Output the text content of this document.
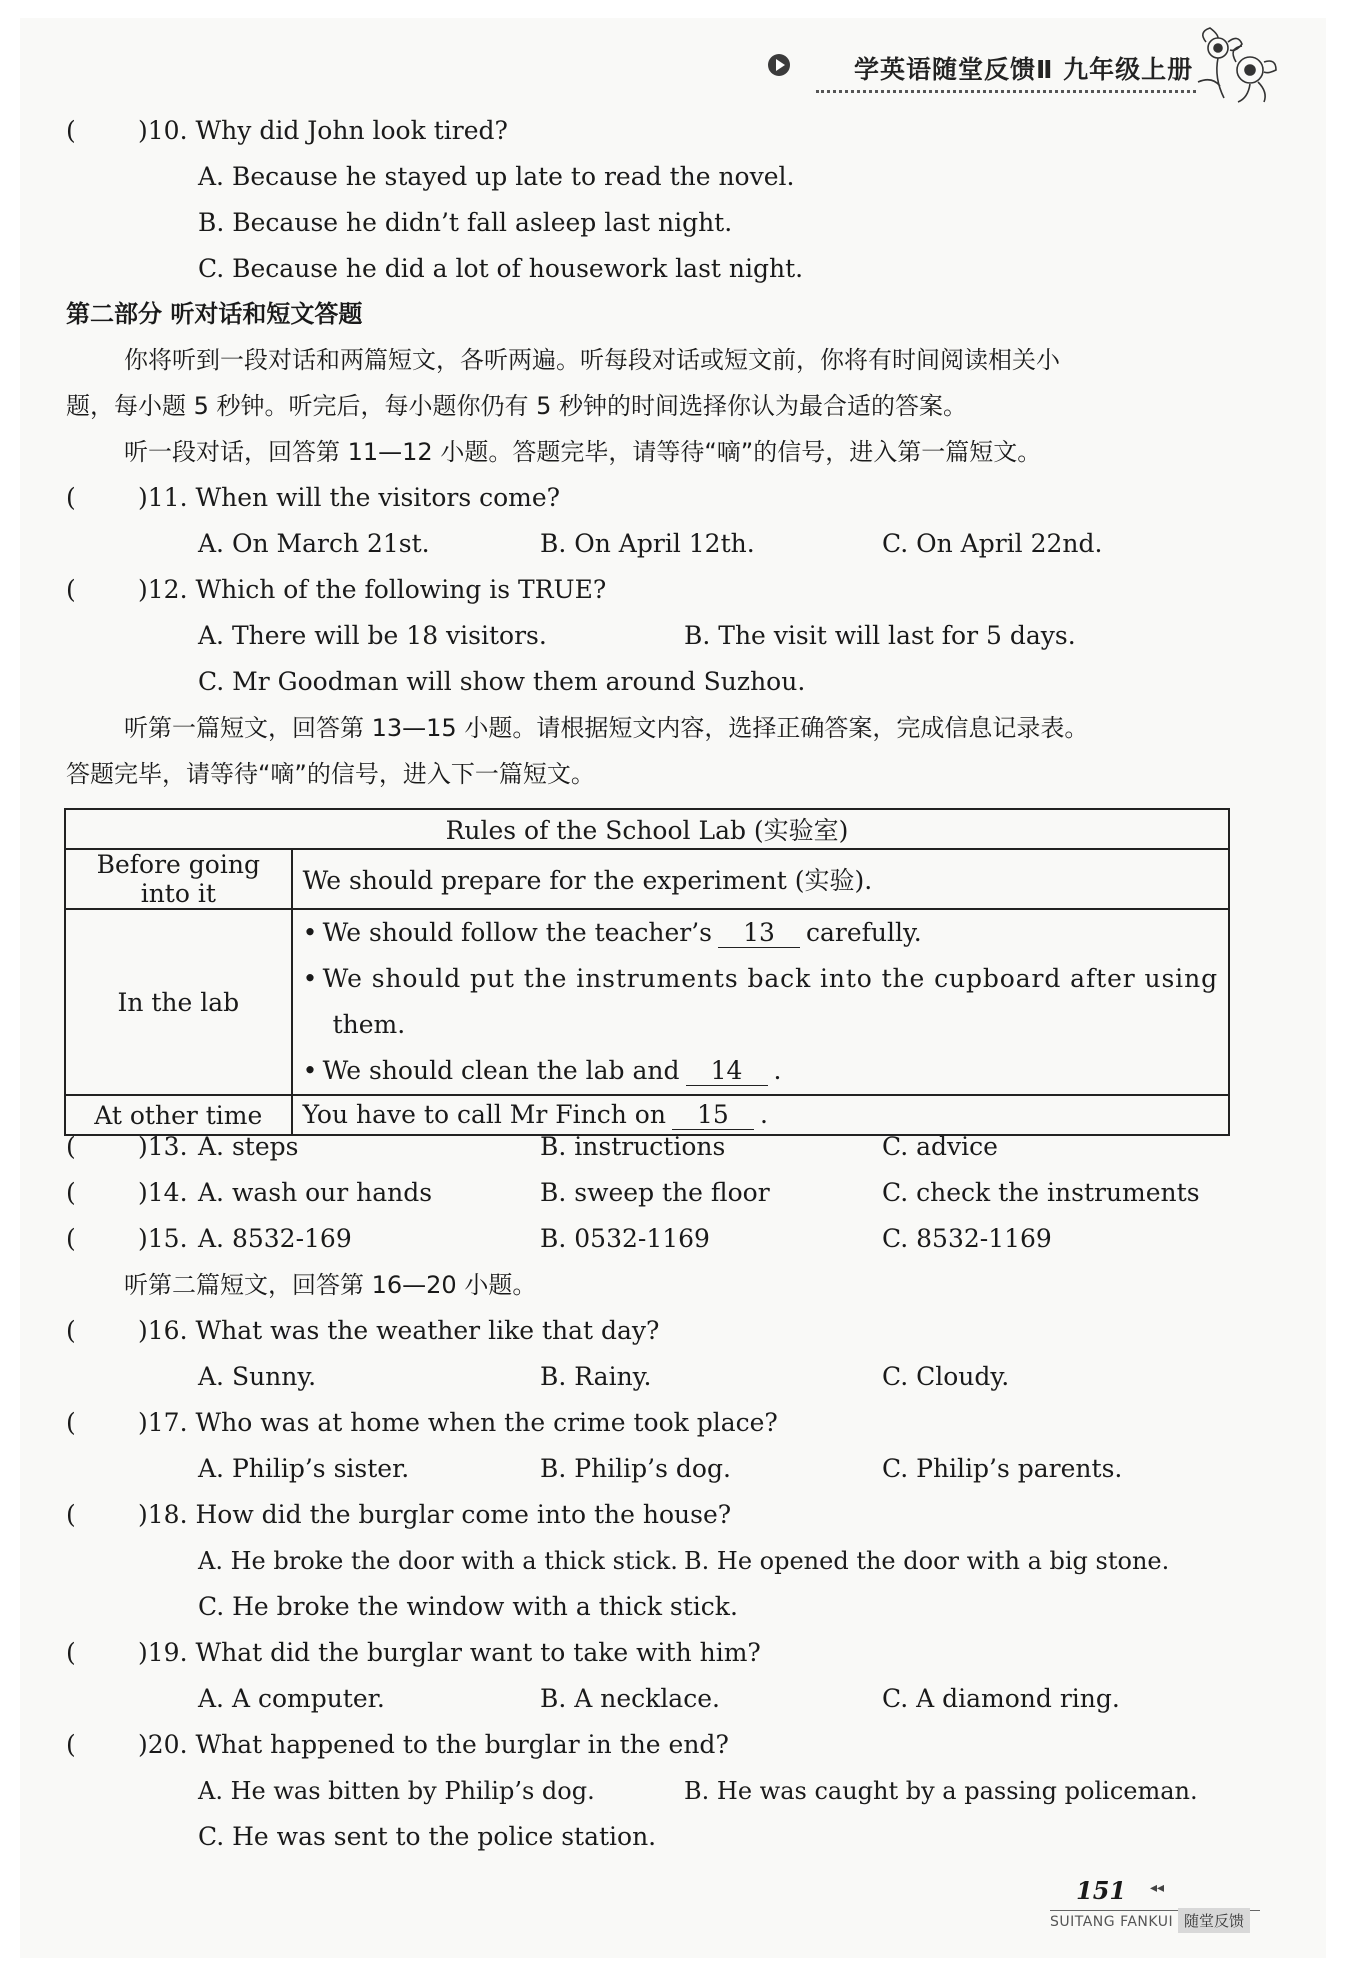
学英语随堂反馈Ⅱ 九年级上册
( )10. Why did John look tired?
A. Because he stayed up late to read the novel.
B. Because he didn’t fall asleep last night.
C. Because he did a lot of housework last night.
第二部分 听对话和短文答题
你将听到一段对话和两篇短文，各听两遍。听每段对话或短文前，你将有时间阅读相关小
题，每小题 5 秒钟。听完后，每小题你仍有 5 秒钟的时间选择你认为最合适的答案。
听一段对话，回答第 11—12 小题。答题完毕，请等待“嘀”的信号，进入第一篇短文。
( )11. When will the visitors come?
A. On March 21st.	B. On April 12th.	C. On April 22nd.
( )12. Which of the following is TRUE?
A. There will be 18 visitors.	B. The visit will last for 5 days.
C. Mr Goodman will show them around Suzhou.
听第一篇短文，回答第 13—15 小题。请根据短文内容，选择正确答案，完成信息记录表。
答题完毕，请等待“嘀”的信号，进入下一篇短文。
Rules of the School Lab (实验室)	
Before going into it	We should prepare for the experiment (实验).
In the lab	• We should follow the teacher’s 13 carefully.
• We should put the instruments back into the cupboard after using
them.
• We should clean the lab and 14 .

At other time	You have to call Mr Finch on 15 .
( )13. A. steps	B. instructions	C. advice
( )14. A. wash our hands	B. sweep the floor	C. check the instruments
( )15. A. 8532-169	B. 0532-1169	C. 8532-1169
听第二篇短文，回答第 16—20 小题。
( )16. What was the weather like that day?
A. Sunny.	B. Rainy.	C. Cloudy.
( )17. Who was at home when the crime took place?
A. Philip’s sister.	B. Philip’s dog.	C. Philip’s parents.
( )18. How did the burglar come into the house?
A. He broke the door with a thick stick. B. He opened the door with a big stone.
C. He broke the window with a thick stick.
( )19. What did the burglar want to take with him?
A. A computer.	B. A necklace.	C. A diamond ring.
( )20. What happened to the burglar in the end?
A. He was bitten by Philip’s dog.	B. He was caught by a passing policeman.
C. He was sent to the police station.
151 ◂◂
SUITANG FANKUI 随堂反馈
